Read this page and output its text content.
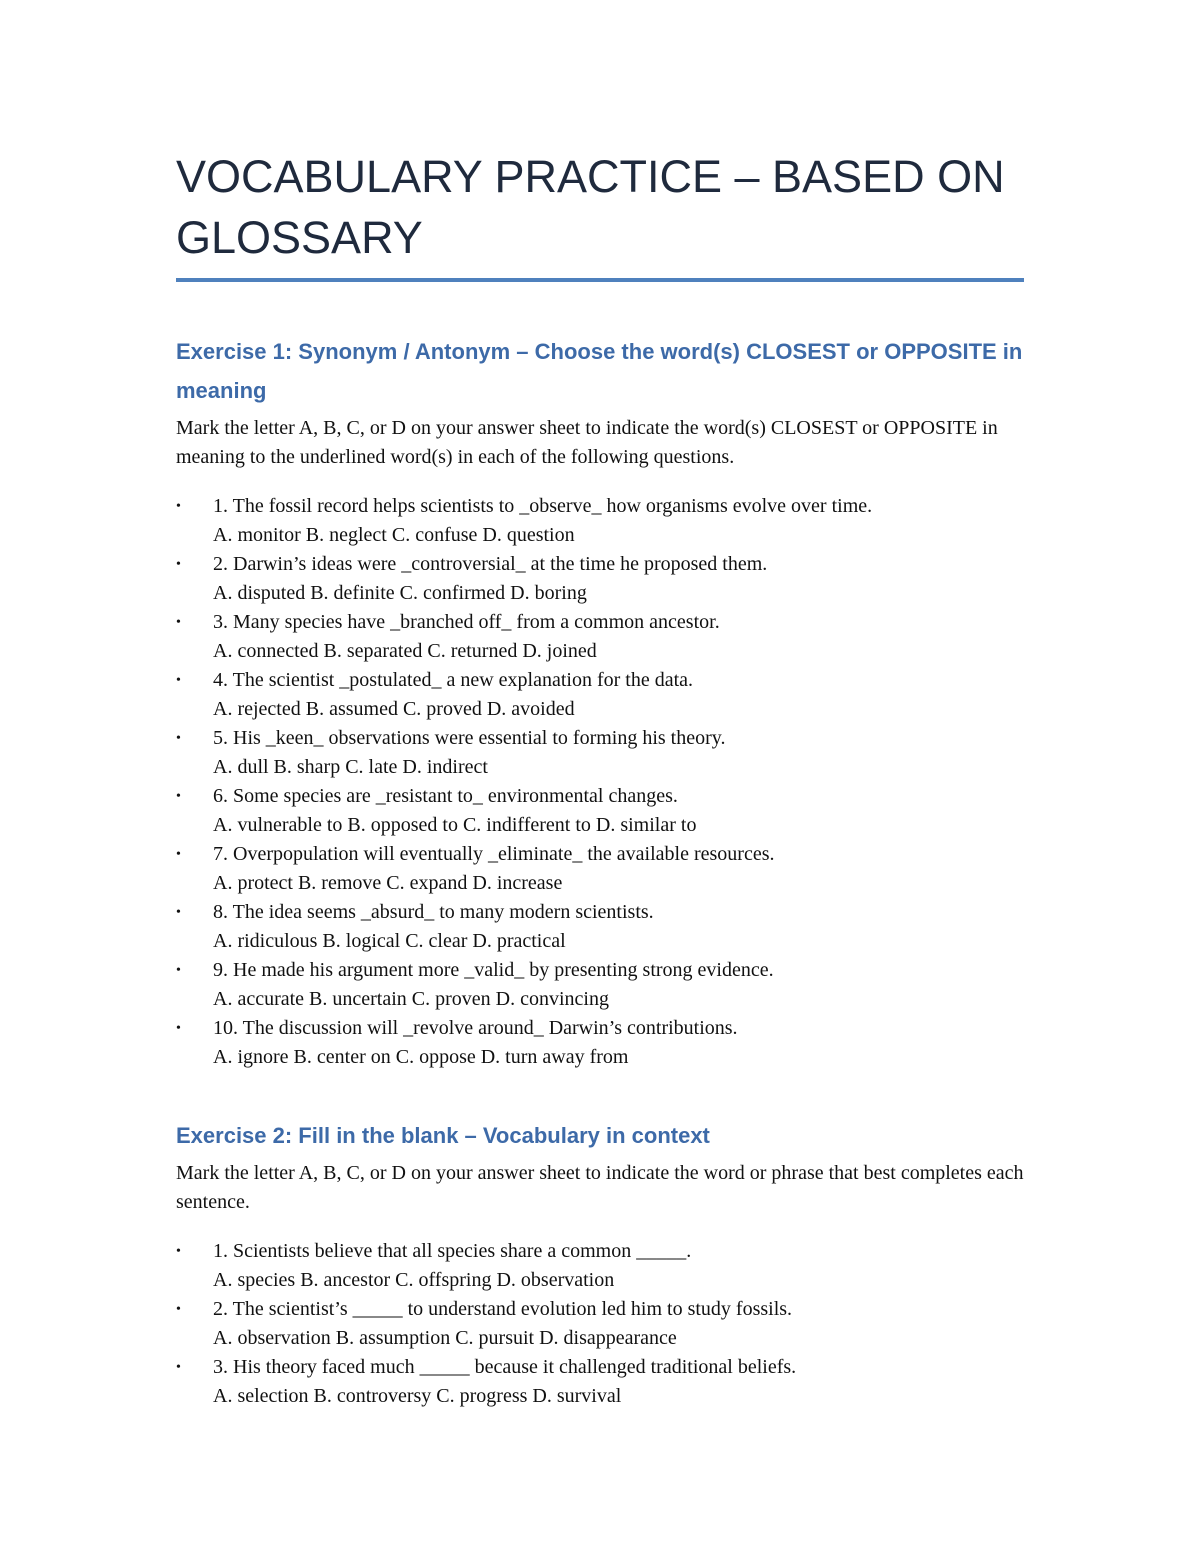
VOCABULARY PRACTICE – BASED ON GLOSSARY
Exercise 1: Synonym / Antonym – Choose the word(s) CLOSEST or OPPOSITE in meaning

Mark the letter A, B, C, or D on your answer sheet to indicate the word(s) CLOSEST or OPPOSITE in meaning to the underlined word(s) in each of the following questions.

•	1. The fossil record helps scientists to _observe_ how organisms evolve over time.
A. monitor B. neglect C. confuse D. question
•	2. Darwin’s ideas were _controversial_ at the time he proposed them.
A. disputed B. definite C. confirmed D. boring
•	3. Many species have _branched off_ from a common ancestor.
A. connected B. separated C. returned D. joined
•	4. The scientist _postulated_ a new explanation for the data.
A. rejected B. assumed C. proved D. avoided
•	5. His _keen_ observations were essential to forming his theory.
A. dull B. sharp C. late D. indirect
•	6. Some species are _resistant to_ environmental changes.
A. vulnerable to B. opposed to C. indifferent to D. similar to
•	7. Overpopulation will eventually _eliminate_ the available resources.
A. protect B. remove C. expand D. increase
•	8. The idea seems _absurd_ to many modern scientists.
A. ridiculous B. logical C. clear D. practical
•	9. He made his argument more _valid_ by presenting strong evidence.
A. accurate B. uncertain C. proven D. convincing
•	10. The discussion will _revolve around_ Darwin’s contributions.
A. ignore B. center on C. oppose D. turn away from
Exercise 2: Fill in the blank – Vocabulary in context

Mark the letter A, B, C, or D on your answer sheet to indicate the word or phrase that best completes each sentence.

•	1. Scientists believe that all species share a common _____.
A. species B. ancestor C. offspring D. observation
•	2. The scientist’s _____ to understand evolution led him to study fossils.
A. observation B. assumption C. pursuit D. disappearance
•	3. His theory faced much _____ because it challenged traditional beliefs.
A. selection B. controversy C. progress D. survival
